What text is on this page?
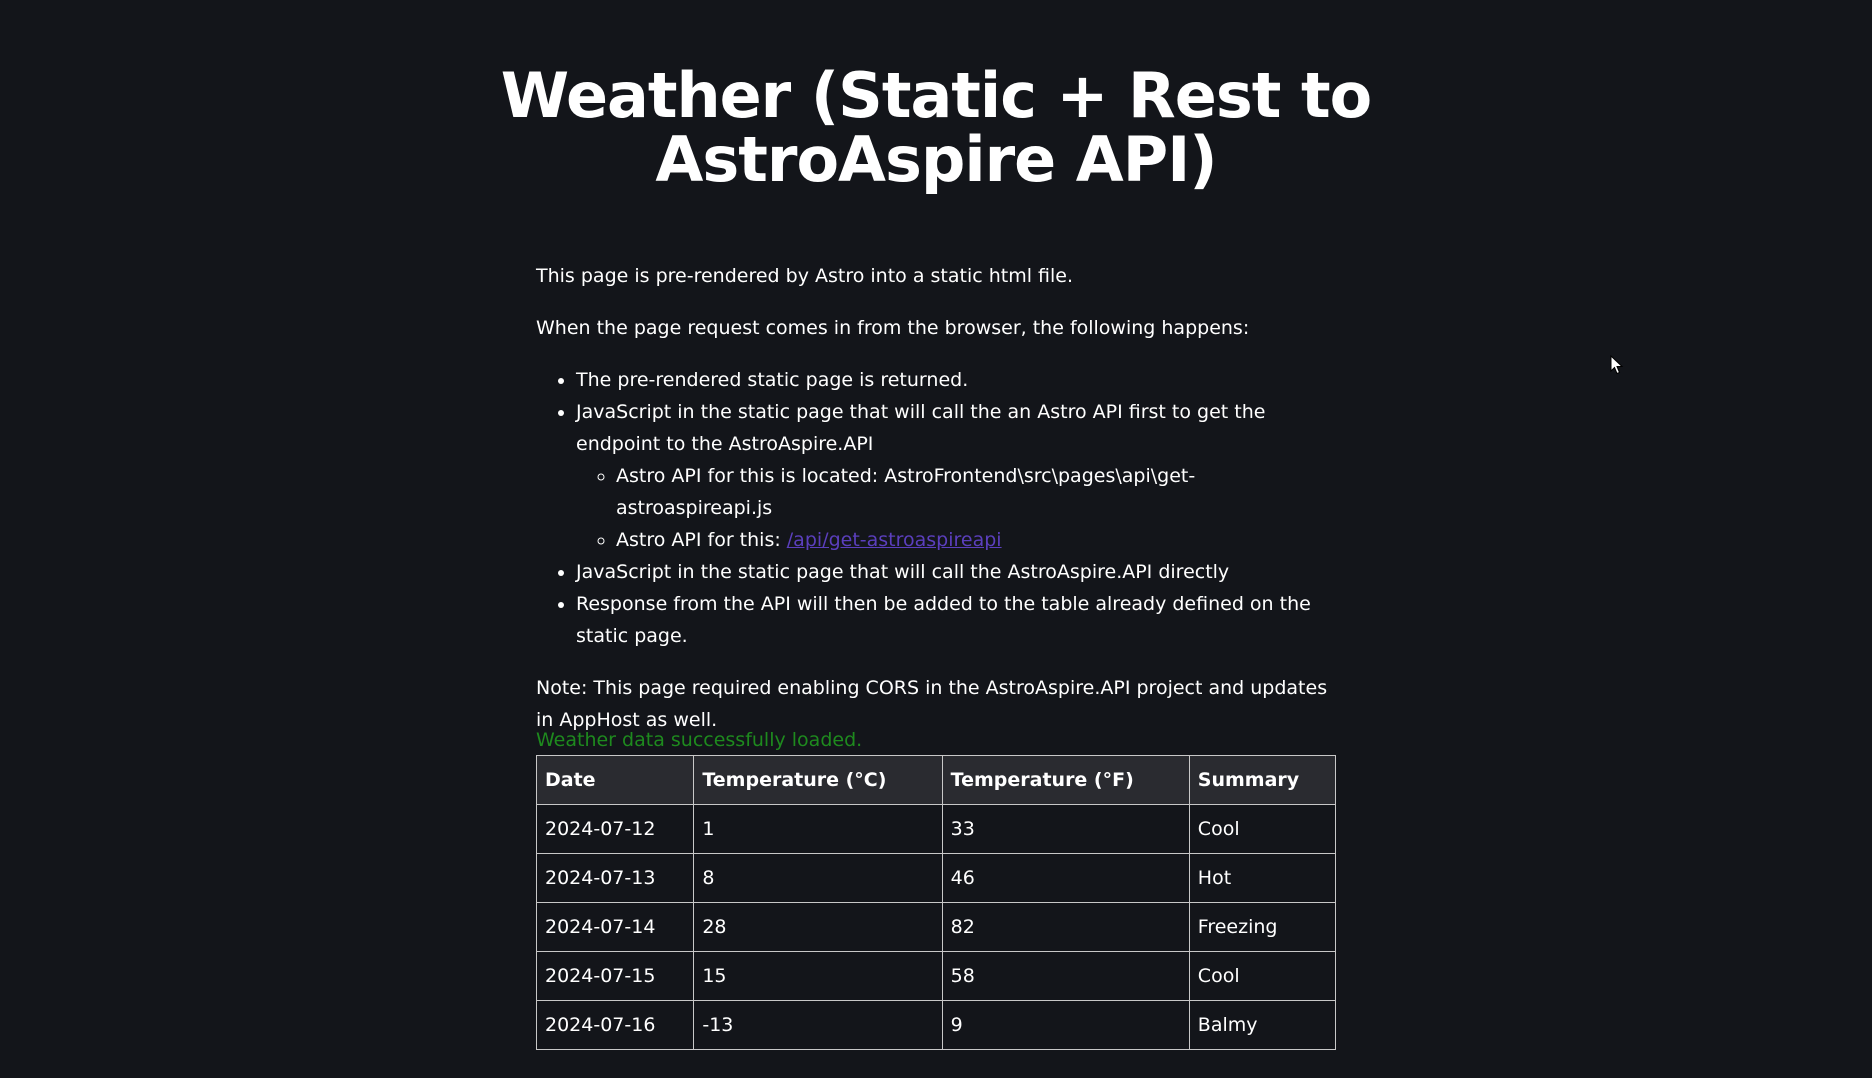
Weather (Static + Rest to AstroAspire API)

This page is pre-rendered by Astro into a static html file.

When the page request comes in from the browser, the following happens:

• The pre-rendered static page is returned.
• JavaScript in the static page that will call the an Astro API first to get the endpoint to the AstroAspire.API
◦ Astro API for this is located: AstroFrontend\src\pages\api\get-astroaspireapi.js
◦ Astro API for this: /api/get-astroaspireapi
• JavaScript in the static page that will call the AstroAspire.API directly
• Response from the API will then be added to the table already defined on the static page.

Note: This page required enabling CORS in the AstroAspire.API project and updates in AppHost as well.

Weather data successfully loaded.
Date	Temperature (°C)	Temperature (°F)	Summary
2024-07-12	1	33	Cool
2024-07-13	8	46	Hot
2024-07-14	28	82	Freezing
2024-07-15	15	58	Cool
2024-07-16	-13	9	Balmy
